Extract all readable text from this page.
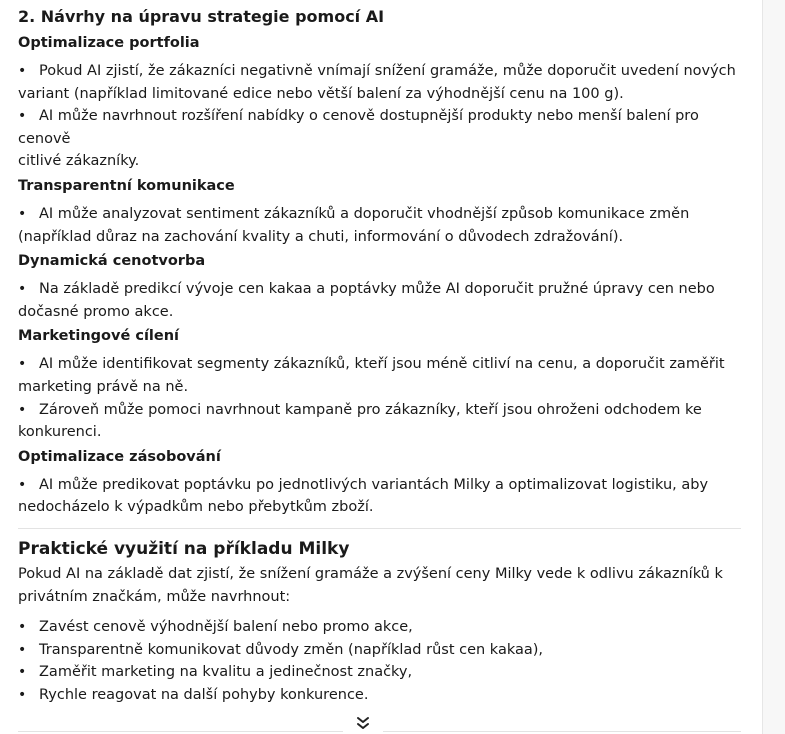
2. Návrhy na úpravu strategie pomocí AI
Optimalizace portfolia
• Pokud AI zjistí, že zákazníci negativně vnímají snížení gramáže, může doporučit uvedení nových
variant (například limitované edice nebo větší balení za výhodnější cenu na 100 g).
• AI může navrhnout rozšíření nabídky o cenově dostupnější produkty nebo menší balení pro cenově
citlivé zákazníky.
Transparentní komunikace
• AI může analyzovat sentiment zákazníků a doporučit vhodnější způsob komunikace změn
(například důraz na zachování kvality a chuti, informování o důvodech zdražování).
Dynamická cenotvorba
• Na základě predikcí vývoje cen kakaa a poptávky může AI doporučit pružné úpravy cen nebo
dočasné promo akce.
Marketingové cílení
• AI může identifikovat segmenty zákazníků, kteří jsou méně citliví na cenu, a doporučit zaměřit
marketing právě na ně.
• Zároveň může pomoci navrhnout kampaně pro zákazníky, kteří jsou ohroženi odchodem ke
konkurenci.
Optimalizace zásobování
• AI může predikovat poptávku po jednotlivých variantách Milky a optimalizovat logistiku, aby
nedocházelo k výpadkům nebo přebytkům zboží.
Praktické využití na příkladu Milky

Pokud AI na základě dat zjistí, že snížení gramáže a zvýšení ceny Milky vede k odlivu zákazníků k
privátním značkám, může navrhnout:

• Zavést cenově výhodnější balení nebo promo akce,
• Transparentně komunikovat důvody změn (například růst cen kakaa),
• Zaměřit marketing na kvalitu a jedinečnost značky,
• Rychle reagovat na další pohyby konkurence.
